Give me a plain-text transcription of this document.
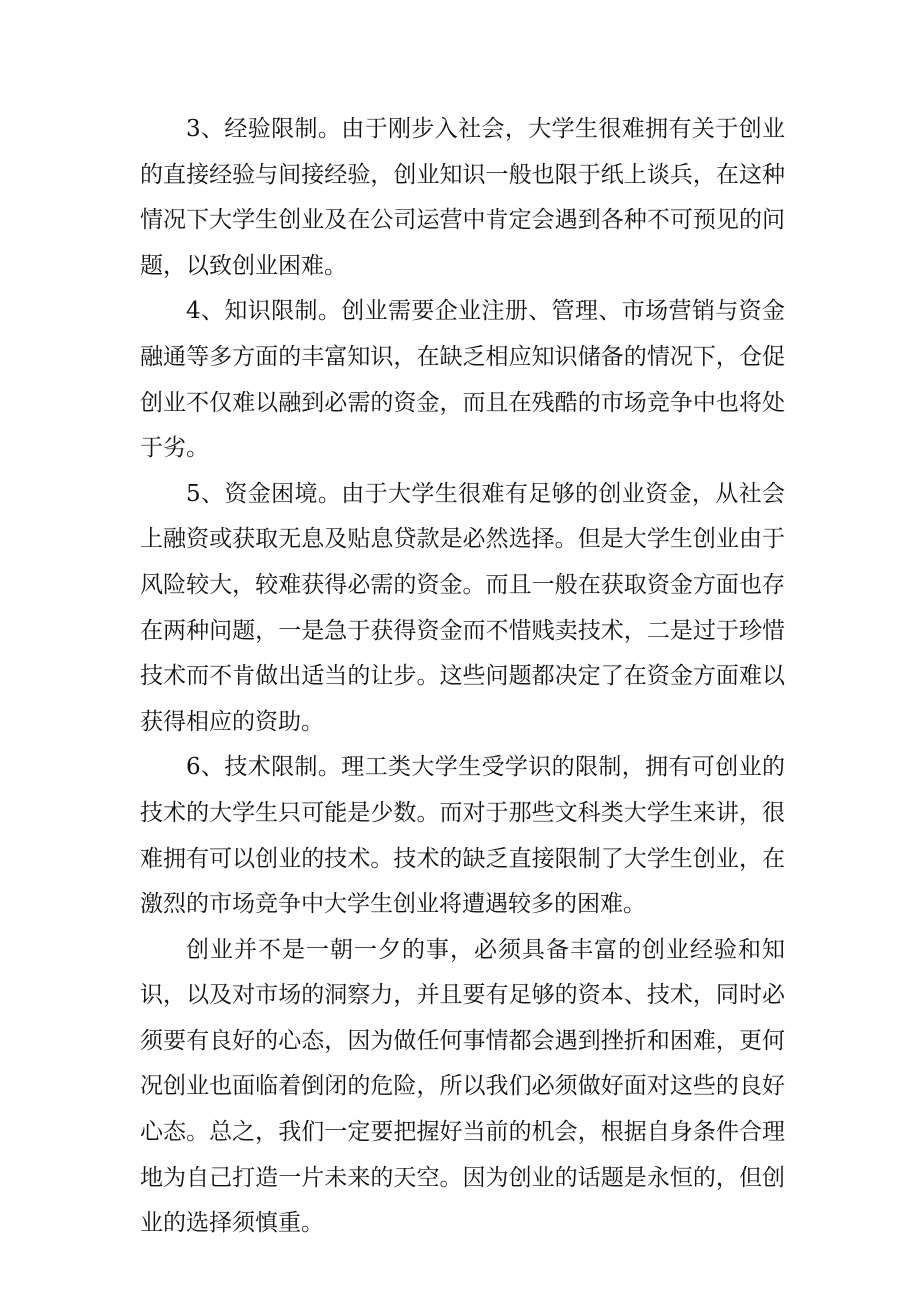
3、经验限制。由于刚步入社会，大学生很难拥有关于创业的直接经验与间接经验，创业知识一般也限于纸上谈兵，在这种情况下大学生创业及在公司运营中肯定会遇到各种不可预见的问题，以致创业困难。

4、知识限制。创业需要企业注册、管理、市场营销与资金融通等多方面的丰富知识，在缺乏相应知识储备的情况下，仓促创业不仅难以融到必需的资金，而且在残酷的市场竞争中也将处于劣。

5、资金困境。由于大学生很难有足够的创业资金，从社会上融资或获取无息及贴息贷款是必然选择。但是大学生创业由于风险较大，较难获得必需的资金。而且一般在获取资金方面也存在两种问题，一是急于获得资金而不惜贱卖技术，二是过于珍惜技术而不肯做出适当的让步。这些问题都决定了在资金方面难以获得相应的资助。

6、技术限制。理工类大学生受学识的限制，拥有可创业的技术的大学生只可能是少数。而对于那些文科类大学生来讲，很难拥有可以创业的技术。技术的缺乏直接限制了大学生创业，在激烈的市场竞争中大学生创业将遭遇较多的困难。

创业并不是一朝一夕的事，必须具备丰富的创业经验和知识，以及对市场的洞察力，并且要有足够的资本、技术，同时必须要有良好的心态，因为做任何事情都会遇到挫折和困难，更何况创业也面临着倒闭的危险，所以我们必须做好面对这些的良好心态。总之，我们一定要把握好当前的机会，根据自身条件合理地为自己打造一片未来的天空。因为创业的话题是永恒的，但创业的选择须慎重。
